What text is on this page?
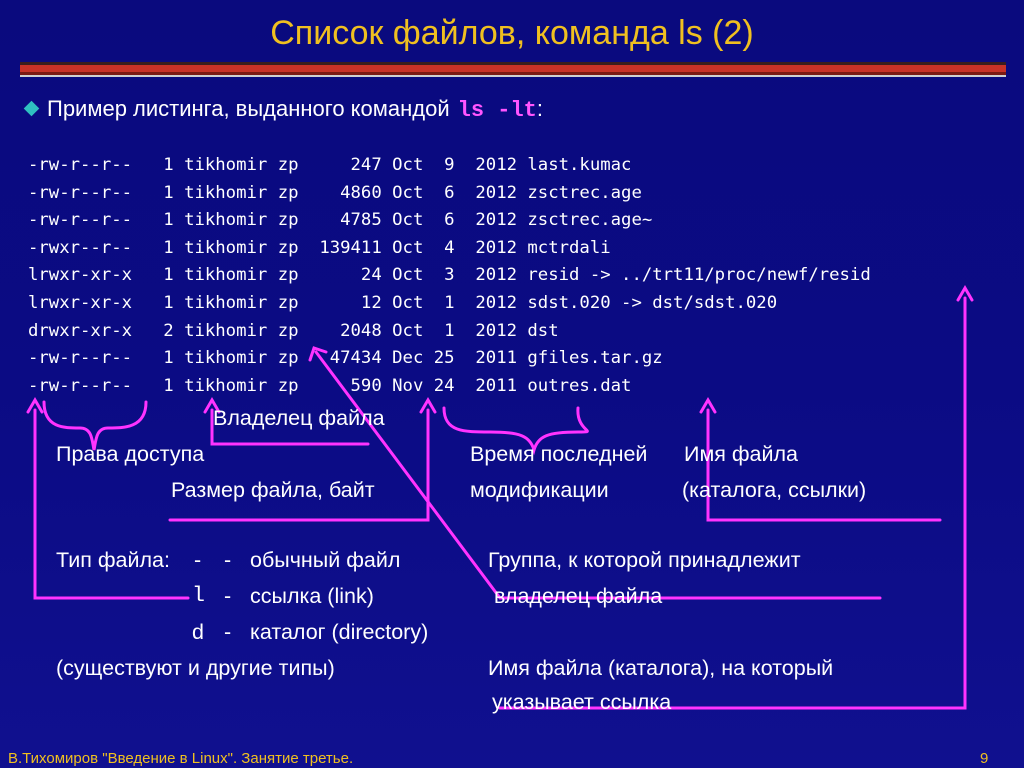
Список файлов, команда ls (2)
Пример листинга, выданного командой ls -lt:
-rw-r--r--   1 tikhomir zp     247 Oct  9  2012 last.kumac
-rw-r--r--   1 tikhomir zp    4860 Oct  6  2012 zsctrec.age
-rw-r--r--   1 tikhomir zp    4785 Oct  6  2012 zsctrec.age~
-rwxr--r--   1 tikhomir zp  139411 Oct  4  2012 mctrdali
lrwxr-xr-x   1 tikhomir zp      24 Oct  3  2012 resid -> ../trt11/proc/newf/resid
lrwxr-xr-x   1 tikhomir zp      12 Oct  1  2012 sdst.020 -> dst/sdst.020
drwxr-xr-x   2 tikhomir zp    2048 Oct  1  2012 dst
-rw-r--r--   1 tikhomir zp   47434 Dec 25  2011 gfiles.tar.gz
-rw-r--r--   1 tikhomir zp     590 Nov 24  2011 outres.dat
Владелец файла
Права доступа
Размер файла, байт
Время последней
модификации
Имя файла
(каталога, ссылки)
Тип файла: - - обычный файл
l - ссылка (link)
d - каталог (directory)
(существуют и другие типы)
Группа, к которой принадлежит
владелец файла
Имя файла (каталога), на который
указывает ссылка
В.Тихомиров "Введение в Linux". Занятие третье.	9
